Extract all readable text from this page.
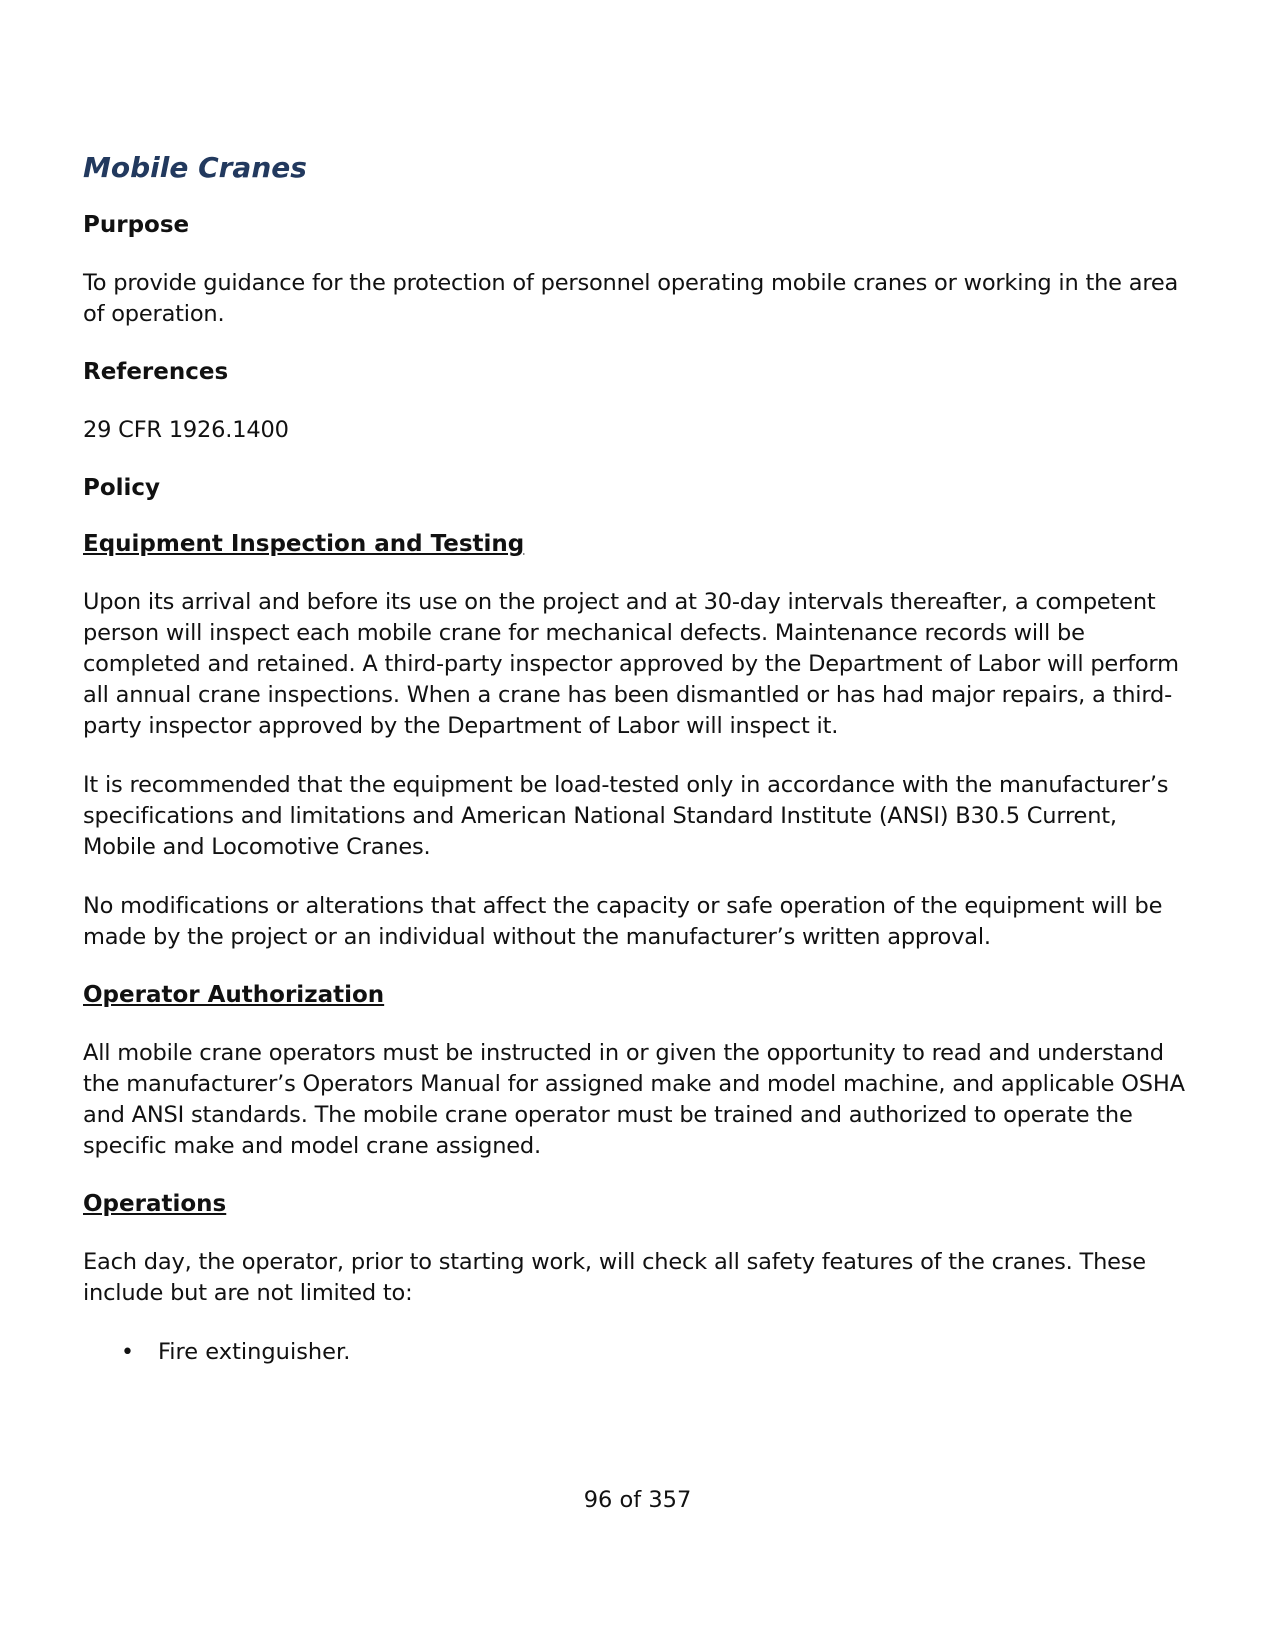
Mobile Cranes
Purpose

To provide guidance for the protection of personnel operating mobile cranes or working in the area of operation.

References

29 CFR 1926.1400

Policy
Equipment Inspection and Testing

Upon its arrival and before its use on the project and at 30-day intervals thereafter, a competent person will inspect each mobile crane for mechanical defects. Maintenance records will be completed and retained. A third-party inspector approved by the Department of Labor will perform all annual crane inspections. When a crane has been dismantled or has had major repairs, a third-party inspector approved by the Department of Labor will inspect it.

It is recommended that the equipment be load-tested only in accordance with the manufacturer’s specifications and limitations and American National Standard Institute (ANSI) B30.5 Current, Mobile and Locomotive Cranes.

No modifications or alterations that affect the capacity or safe operation of the equipment will be made by the project or an individual without the manufacturer’s written approval.

Operator Authorization

All mobile crane operators must be instructed in or given the opportunity to read and understand the manufacturer’s Operators Manual for assigned make and model machine, and applicable OSHA and ANSI standards. The mobile crane operator must be trained and authorized to operate the specific make and model crane assigned.

Operations

Each day, the operator, prior to starting work, will check all safety features of the cranes. These include but are not limited to:

• Fire extinguisher.
96 of 357
